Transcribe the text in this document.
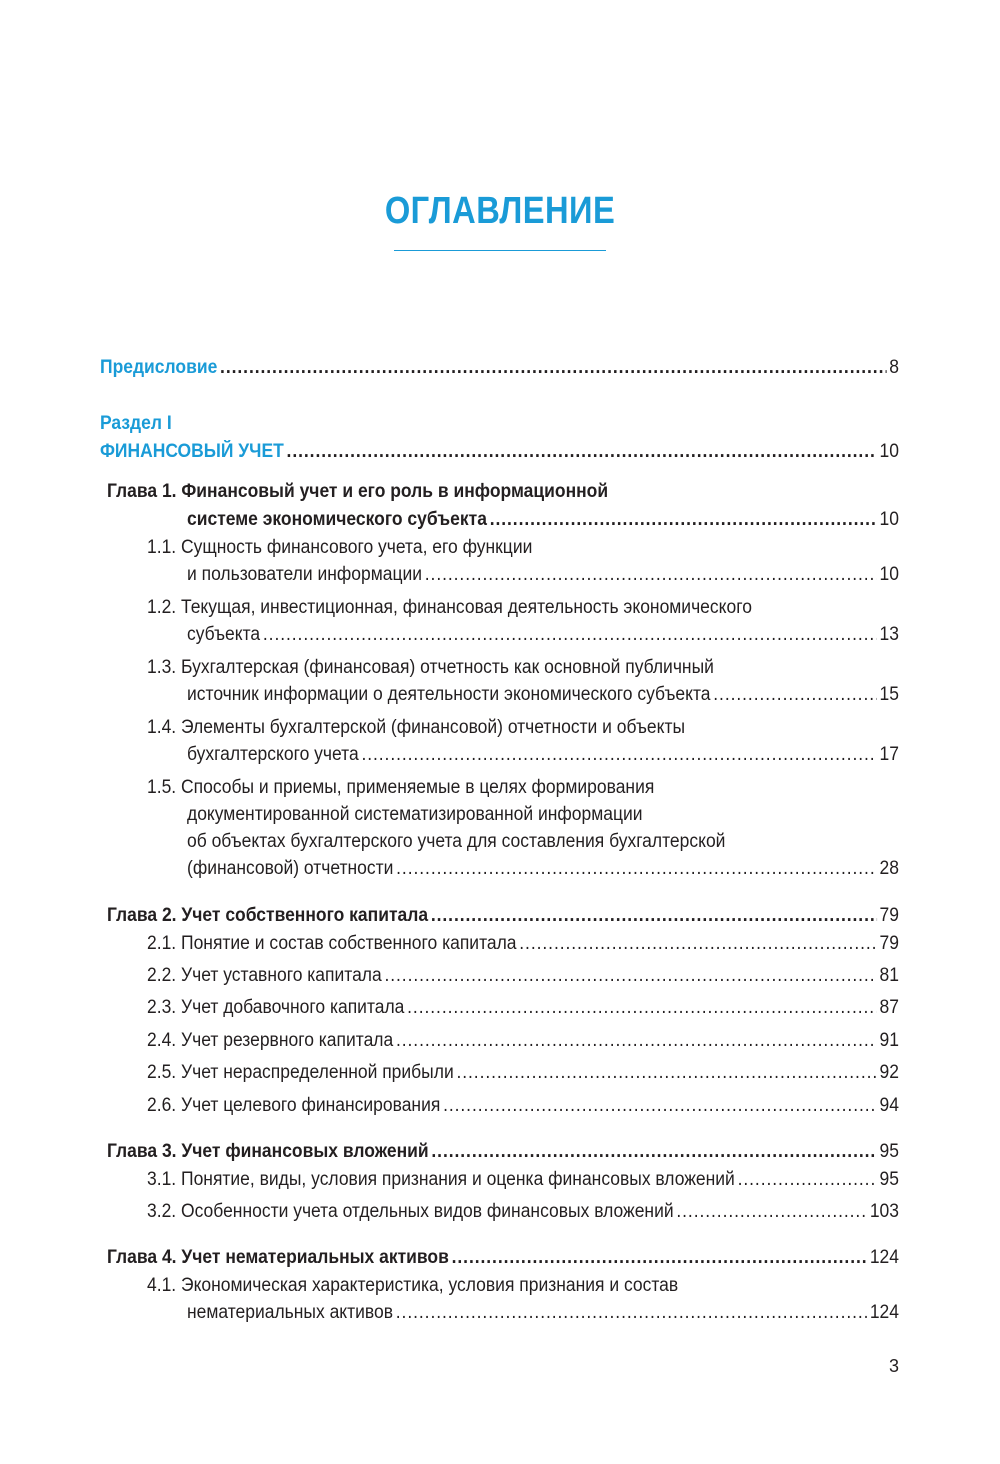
ОГЛАВЛЕНИЕ
Предисловие .....	8
Раздел I
ФИНАНСОВЫЙ УЧЕТ .....	10
Глава 1. Финансовый учет и его роль в информационной
системе экономического субъекта .....	10
1.1. Сущность финансового учета, его функции
и пользователи информации .....	10
1.2. Текущая, инвестиционная, финансовая деятельность экономического
субъекта .....	13
1.3. Бухгалтерская (финансовая) отчетность как основной публичный
источник информации о деятельности экономического субъекта .....	15
1.4. Элементы бухгалтерской (финансовой) отчетности и объекты
бухгалтерского учета .....	17
1.5. Способы и приемы, применяемые в целях формирования
документированной систематизированной информации
об объектах бухгалтерского учета для составления бухгалтерской
(финансовой) отчетности .....	28
Глава 2. Учет собственного капитала .....	79
2.1. Понятие и состав собственного капитала .....	79
2.2. Учет уставного капитала .....	81
2.3. Учет добавочного капитала .....	87
2.4. Учет резервного капитала .....	91
2.5. Учет нераспределенной прибыли .....	92
2.6. Учет целевого финансирования .....	94
Глава 3. Учет финансовых вложений .....	95
3.1. Понятие, виды, условия признания и оценка финансовых вложений .....	95
3.2. Особенности учета отдельных видов финансовых вложений .....	103
Глава 4. Учет нематериальных активов .....	124
4.1. Экономическая характеристика, условия признания и состав
нематериальных активов .....	124
3
